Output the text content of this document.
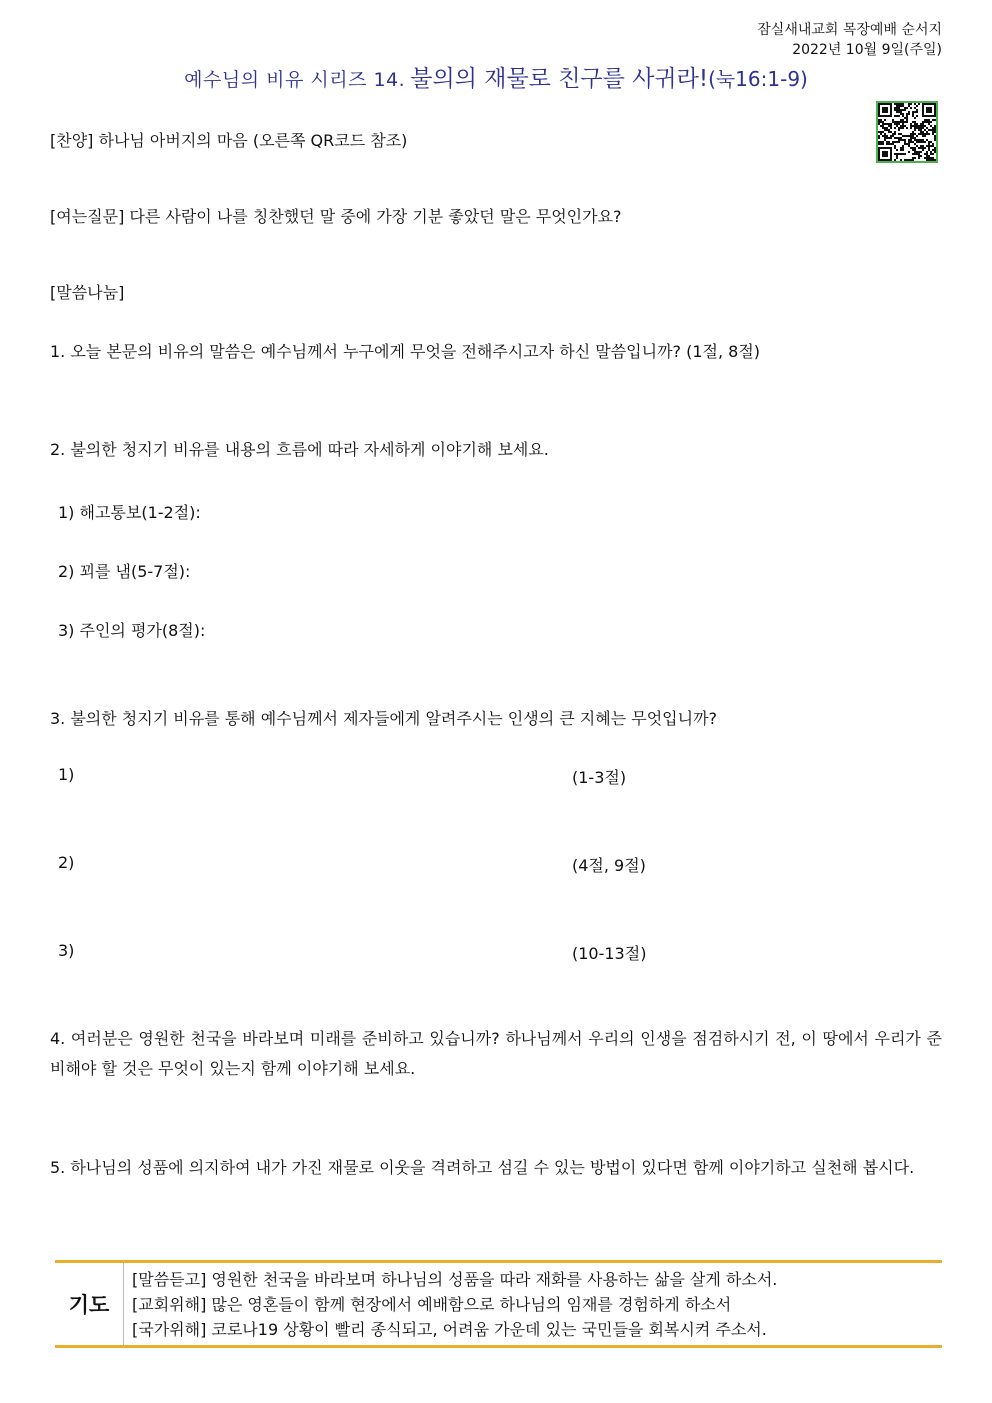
잠실새내교회 목장예배 순서지
2022년 10월 9일(주일)
예수님의 비유 시리즈 14. 불의의 재물로 친구를 사귀라!(눅16:1-9)
[찬양] 하나님 아버지의 마음 (오른쪽 QR코드 참조)
[여는질문] 다른 사람이 나를 칭찬했던 말 중에 가장 기분 좋았던 말은 무엇인가요?
[말씀나눔]
1. 오늘 본문의 비유의 말씀은 예수님께서 누구에게 무엇을 전해주시고자 하신 말씀입니까? (1절, 8절)
2. 불의한 청지기 비유를 내용의 흐름에 따라 자세하게 이야기해 보세요.
1) 해고통보(1-2절):
2) 꾀를 냄(5-7절):
3) 주인의 평가(8절):
3. 불의한 청지기 비유를 통해 예수님께서 제자들에게 알려주시는 인생의 큰 지혜는 무엇입니까?
1)	(1-3절)
2)	(4절, 9절)
3)	(10-13절)
4. 여러분은 영원한 천국을 바라보며 미래를 준비하고 있습니까? 하나님께서 우리의 인생을 점검하시기 전, 이 땅에서 우리가 준비해야 할 것은 무엇이 있는지 함께 이야기해 보세요.
5. 하나님의 성품에 의지하여 내가 가진 재물로 이웃을 격려하고 섬길 수 있는 방법이 있다면 함께 이야기하고 실천해 봅시다.
기도
[말씀듣고] 영원한 천국을 바라보며 하나님의 성품을 따라 재화를 사용하는 삶을 살게 하소서.
[교회위해] 많은 영혼들이 함께 현장에서 예배함으로 하나님의 임재를 경험하게 하소서
[국가위해] 코로나19 상황이 빨리 종식되고, 어려움 가운데 있는 국민들을 회복시켜 주소서.
